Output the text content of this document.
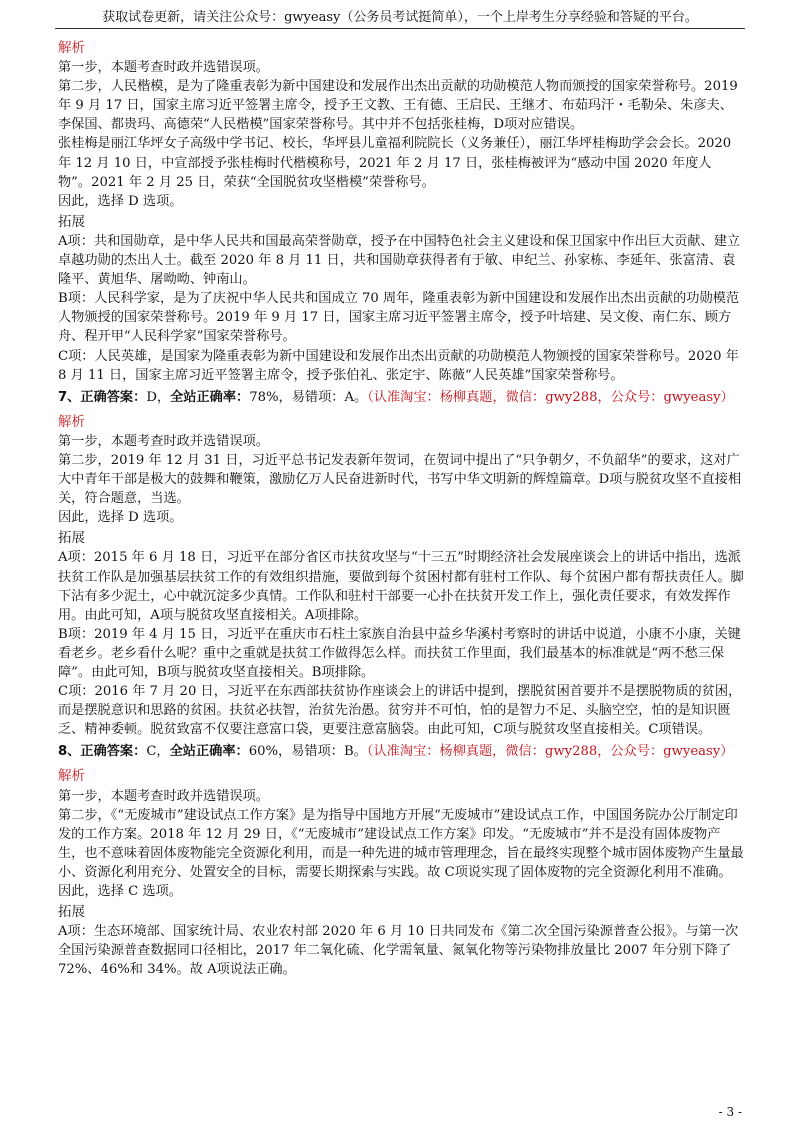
获取试卷更新，请关注公众号：gwyeasy（公务员考试挺简单），一个上岸考生分享经验和答疑的平台。

解析

第一步，本题考查时政并选错误项。

第二步，人民楷模，是为了隆重表彰为新中国建设和发展作出杰出贡献的功勋模范人物而颁授的国家荣誉称号。2019 年 9 月 17 日，国家主席习近平签署主席令，授予王文教、王有德、王启民、王继才、布茹玛汗・毛勒朵、朱彦夫、李保国、都贵玛、高德荣“人民楷模”国家荣誉称号。其中并不包括张桂梅，D项对应错误。

张桂梅是丽江华坪女子高级中学书记、校长，华坪县儿童福利院院长（义务兼任），丽江华坪桂梅助学会会长。2020 年 12 月 10 日，中宣部授予张桂梅时代楷模称号，2021 年 2 月 17 日，张桂梅被评为“感动中国 2020 年度人物”。2021 年 2 月 25 日，荣获“全国脱贫攻坚楷模”荣誉称号。

因此，选择 D 选项。

拓展

A项：共和国勋章，是中华人民共和国最高荣誉勋章，授予在中国特色社会主义建设和保卫国家中作出巨大贡献、建立卓越功勋的杰出人士。截至 2020 年 8 月 11 日，共和国勋章获得者有于敏、申纪兰、孙家栋、李延年、张富清、袁隆平、黄旭华、屠呦呦、钟南山。

B项：人民科学家，是为了庆祝中华人民共和国成立 70 周年，隆重表彰为新中国建设和发展作出杰出贡献的功勋模范人物颁授的国家荣誉称号。2019 年 9 月 17 日，国家主席习近平签署主席令，授予叶培建、吴文俊、南仁东、顾方舟、程开甲“人民科学家”国家荣誉称号。

C项：人民英雄，是国家为隆重表彰为新中国建设和发展作出杰出贡献的功勋模范人物颁授的国家荣誉称号。2020 年 8 月 11 日，国家主席习近平签署主席令，授予张伯礼、张定宇、陈薇“人民英雄”国家荣誉称号。

7、正确答案：D，全站正确率：78%，易错项：A。（认准淘宝：杨柳真题，微信：gwy288，公众号：gwyeasy）

解析

第一步，本题考查时政并选错误项。

第二步，2019 年 12 月 31 日，习近平总书记发表新年贺词，在贺词中提出了“只争朝夕，不负韶华”的要求，这对广大中青年干部是极大的鼓舞和鞭策，激励亿万人民奋进新时代，书写中华文明新的辉煌篇章。D项与脱贫攻坚不直接相关，符合题意，当选。

因此，选择 D 选项。

拓展

A项：2015 年 6 月 18 日，习近平在部分省区市扶贫攻坚与“十三五”时期经济社会发展座谈会上的讲话中指出，选派扶贫工作队是加强基层扶贫工作的有效组织措施，要做到每个贫困村都有驻村工作队、每个贫困户都有帮扶责任人。脚下沾有多少泥土，心中就沉淀多少真情。工作队和驻村干部要一心扑在扶贫开发工作上，强化责任要求，有效发挥作用。由此可知，A项与脱贫攻坚直接相关。A项排除。

B项：2019 年 4 月 15 日，习近平在重庆市石柱土家族自治县中益乡华溪村考察时的讲话中说道，小康不小康，关键看老乡。老乡看什么呢？重中之重就是扶贫工作做得怎么样。而扶贫工作里面，我们最基本的标准就是“两不愁三保障”。由此可知，B项与脱贫攻坚直接相关。B项排除。

C项：2016 年 7 月 20 日，习近平在东西部扶贫协作座谈会上的讲话中提到，摆脱贫困首要并不是摆脱物质的贫困，而是摆脱意识和思路的贫困。扶贫必扶智，治贫先治愚。贫穷并不可怕，怕的是智力不足、头脑空空，怕的是知识匮乏、精神委顿。脱贫致富不仅要注意富口袋，更要注意富脑袋。由此可知，C项与脱贫攻坚直接相关。C项错误。

8、正确答案：C，全站正确率：60%，易错项：B。（认准淘宝：杨柳真题，微信：gwy288，公众号：gwyeasy）

解析

第一步，本题考查时政并选错误项。

第二步，《“无废城市”建设试点工作方案》是为指导中国地方开展“无废城市”建设试点工作，中国国务院办公厅制定印发的工作方案。2018 年 12 月 29 日，《“无废城市”建设试点工作方案》印发。“无废城市”并不是没有固体废物产生，也不意味着固体废物能完全资源化利用，而是一种先进的城市管理理念，旨在最终实现整个城市固体废物产生量最小、资源化利用充分、处置安全的目标，需要长期探索与实践。故 C项说实现了固体废物的完全资源化利用不准确。

因此，选择 C 选项。

拓展

A项：生态环境部、国家统计局、农业农村部 2020 年 6 月 10 日共同发布《第二次全国污染源普查公报》。与第一次全国污染源普查数据同口径相比，2017 年二氧化硫、化学需氧量、氮氧化物等污染物排放量比 2007 年分别下降了 72%、46%和 34%。故 A项说法正确。

- 3 -
